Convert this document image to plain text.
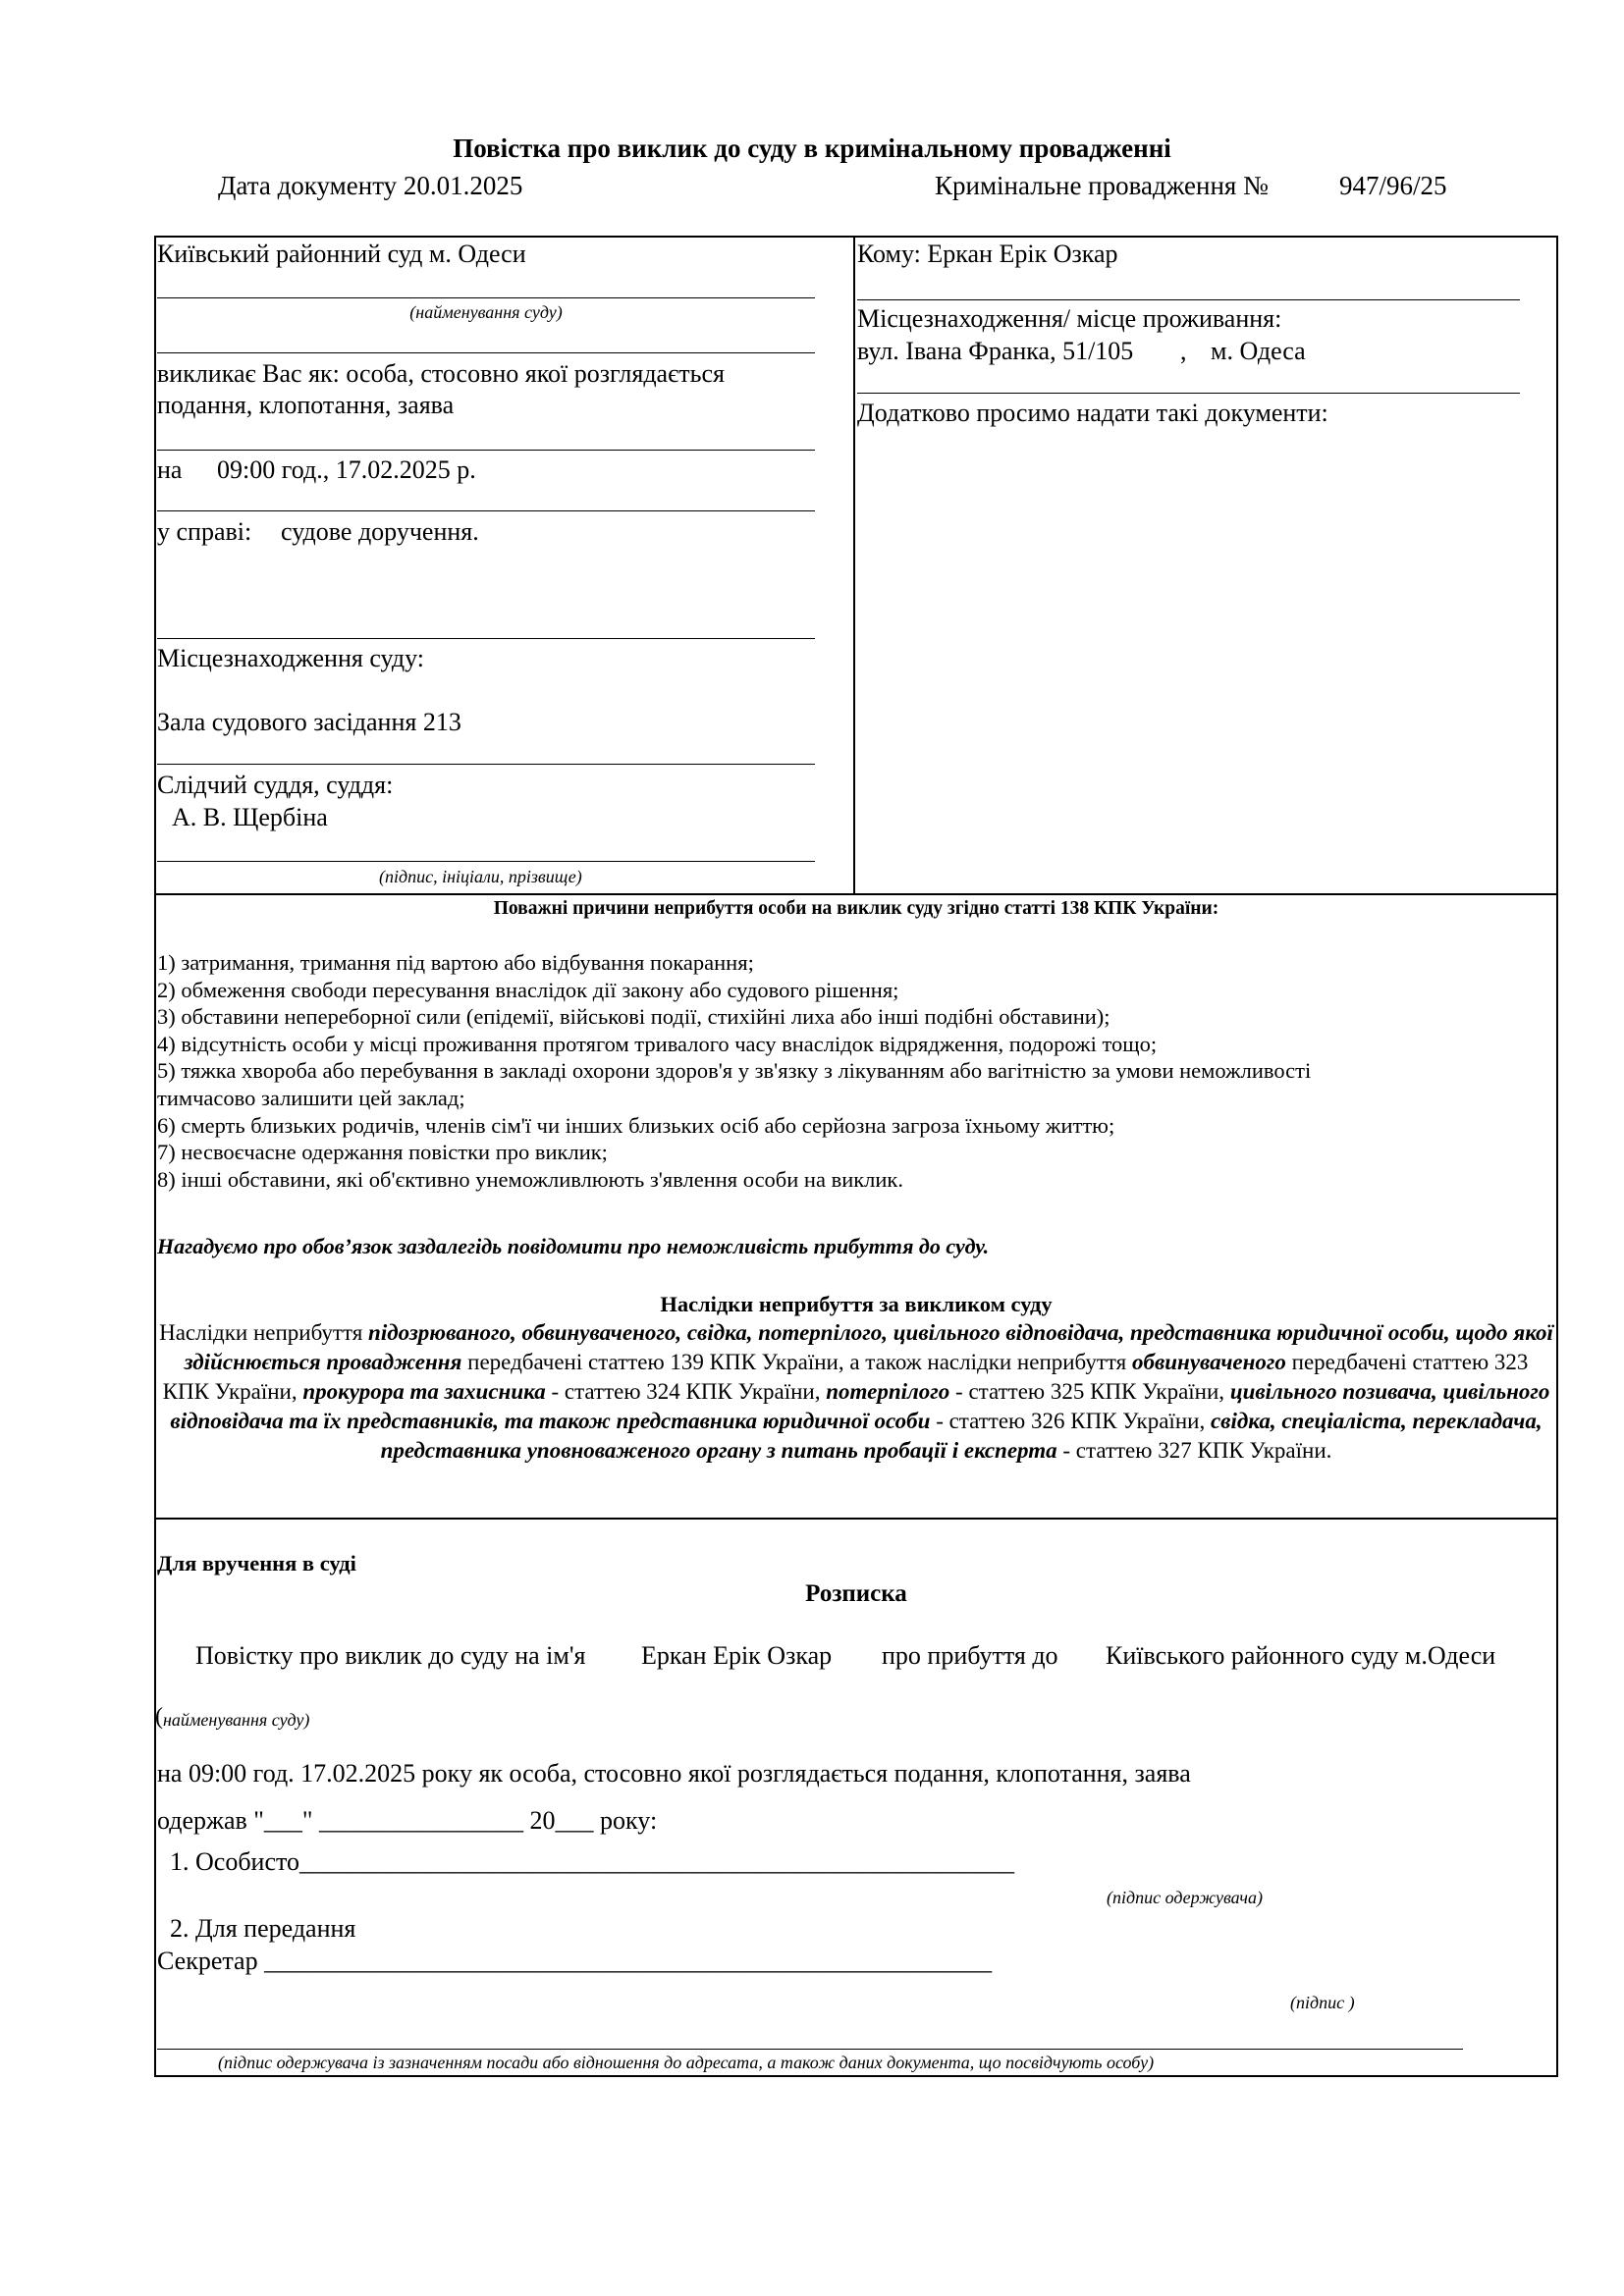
Повістка про виклик до суду в кримінальному провадженні
Дата документу 20.01.2025	Кримінальне провадження №	947/96/25
Київський районний суд м. Одеси
(найменування суду)
викликає Вас як: особа, стосовно якої розглядається
подання, клопотання, заява
на 09:00 год., 17.02.2025 р.
у справі: судове доручення.
Місцезнаходження суду:
Зала судового засідання 213
Слідчий суддя, суддя:
А. В. Щербіна
(підпис, ініціали, прізвище)
Кому: Еркан Ерік Озкар
Місцезнаходження/ місце проживання:
вул. Івана Франка, 51/105 , м. Одеса
Додатково просимо надати такі документи:
Поважні причини неприбуття особи на виклик суду згідно статті 138 КПК України:
1) затримання, тримання під вартою або відбування покарання;
2) обмеження свободи пересування внаслідок дії закону або судового рішення;
3) обставини непереборної сили (епідемії, військові події, стихійні лиха або інші подібні обставини);
4) відсутність особи у місці проживання протягом тривалого часу внаслідок відрядження, подорожі тощо;
5) тяжка хвороба або перебування в закладі охорони здоров'я у зв'язку з лікуванням або вагітністю за умови неможливості
тимчасово залишити цей заклад;
6) смерть близьких родичів, членів сім'ї чи інших близьких осіб або серйозна загроза їхньому життю;
7) несвоєчасне одержання повістки про виклик;
8) інші обставини, які об'єктивно унеможливлюють з'явлення особи на виклик.
Нагадуємо про обов’язок заздалегідь повідомити про неможливість прибуття до суду.
Наслідки неприбуття за викликом суду
Наслідки неприбуття підозрюваного, обвинуваченого, свідка, потерпілого, цивільного відповідача, представника юридичної особи, щодо якої здійснюється провадження передбачені статтею 139 КПК України, а також наслідки неприбуття обвинуваченого передбачені статтею 323 КПК України, прокурора та захисника - статтею 324 КПК України, потерпілого - статтею 325 КПК України, цивільного позивача, цивільного відповідача та їх представників, та також представника юридичної особи - статтею 326 КПК України, свідка, спеціаліста, перекладача, представника уповноваженого органу з питань пробації і експерта - статтею 327 КПК України.
Для вручення в суді
Розписка
Повістку про виклик до суду на ім'я Еркан Ерік Озкар про прибуття до Київського районного суду м.Одеси
( найменування суду)
на 09:00 год. 17.02.2025 року як особа, стосовно якої розглядається подання, клопотання, заява
одержав "___" ________________ 20___ року:
1. Особисто________________________________________________________
(підпис одержувача)
2. Для передання
Секретар _________________________________________________________
(підпис )
(підпис одержувача із зазначенням посади або відношення до адресата, а також даних документа, що посвідчують особу)
